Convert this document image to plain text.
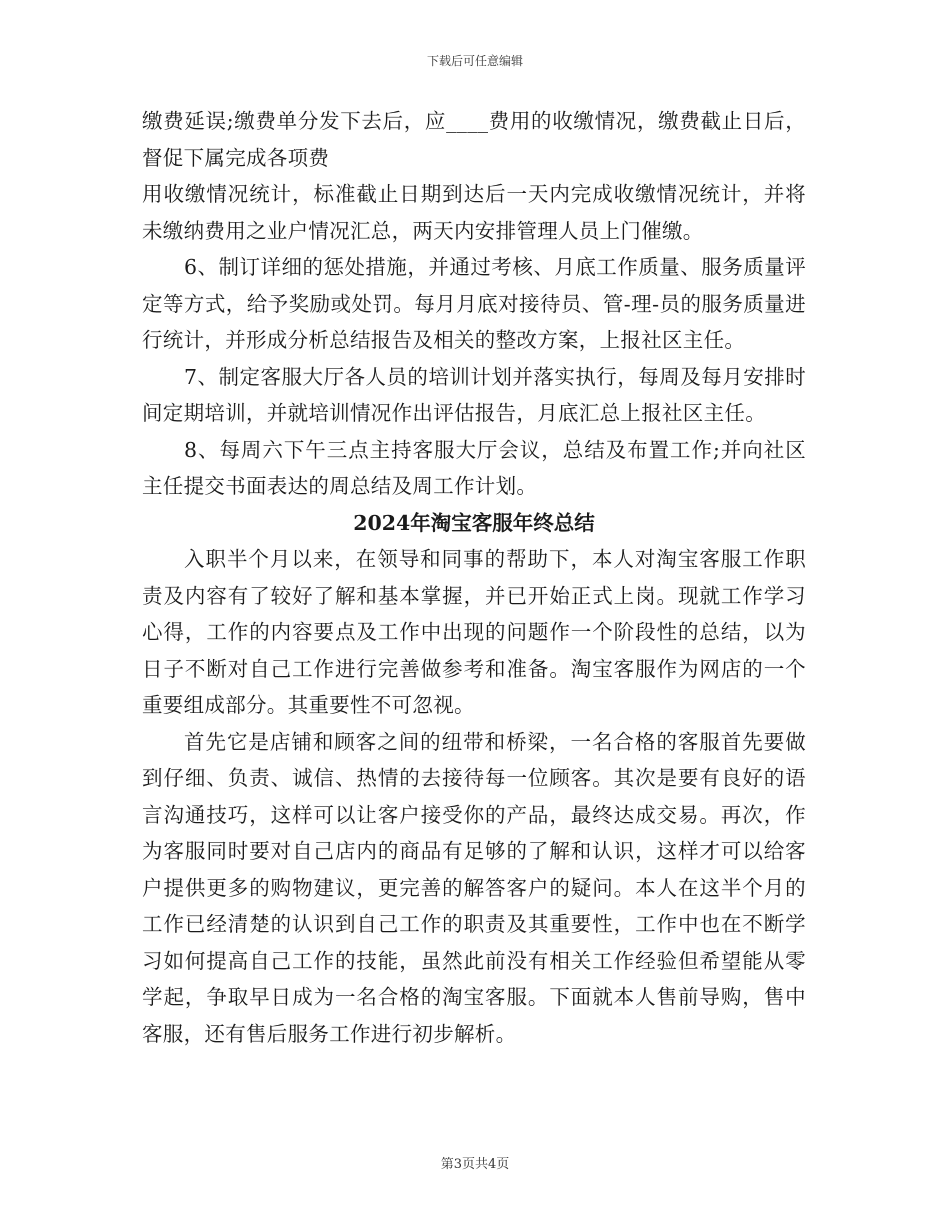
下载后可任意编辑

缴费延误;缴费单分发下去后，应____费用的收缴情况，缴费截止日后，督促下属完成各项费

用收缴情况统计，标准截止日期到达后一天内完成收缴情况统计，并将未缴纳费用之业户情况汇总，两天内安排管理人员上门催缴。

6、制订详细的惩处措施，并通过考核、月底工作质量、服务质量评定等方式，给予奖励或处罚。每月月底对接待员、管-理-员的服务质量进行统计，并形成分析总结报告及相关的整改方案，上报社区主任。

7、制定客服大厅各人员的培训计划并落实执行，每周及每月安排时间定期培训，并就培训情况作出评估报告，月底汇总上报社区主任。

8、每周六下午三点主持客服大厅会议，总结及布置工作;并向社区主任提交书面表达的周总结及周工作计划。

2024年淘宝客服年终总结

入职半个月以来，在领导和同事的帮助下，本人对淘宝客服工作职责及内容有了较好了解和基本掌握，并已开始正式上岗。现就工作学习心得，工作的内容要点及工作中出现的问题作一个阶段性的总结，以为日子不断对自己工作进行完善做参考和准备。淘宝客服作为网店的一个重要组成部分。其重要性不可忽视。

首先它是店铺和顾客之间的纽带和桥梁，一名合格的客服首先要做到仔细、负责、诚信、热情的去接待每一位顾客。其次是要有良好的语言沟通技巧，这样可以让客户接受你的产品，最终达成交易。再次，作为客服同时要对自己店内的商品有足够的了解和认识，这样才可以给客户提供更多的购物建议，更完善的解答客户的疑问。本人在这半个月的工作已经清楚的认识到自己工作的职责及其重要性，工作中也在不断学习如何提高自己工作的技能，虽然此前没有相关工作经验但希望能从零学起，争取早日成为一名合格的淘宝客服。下面就本人售前导购，售中客服，还有售后服务工作进行初步解析。

第3页共4页
